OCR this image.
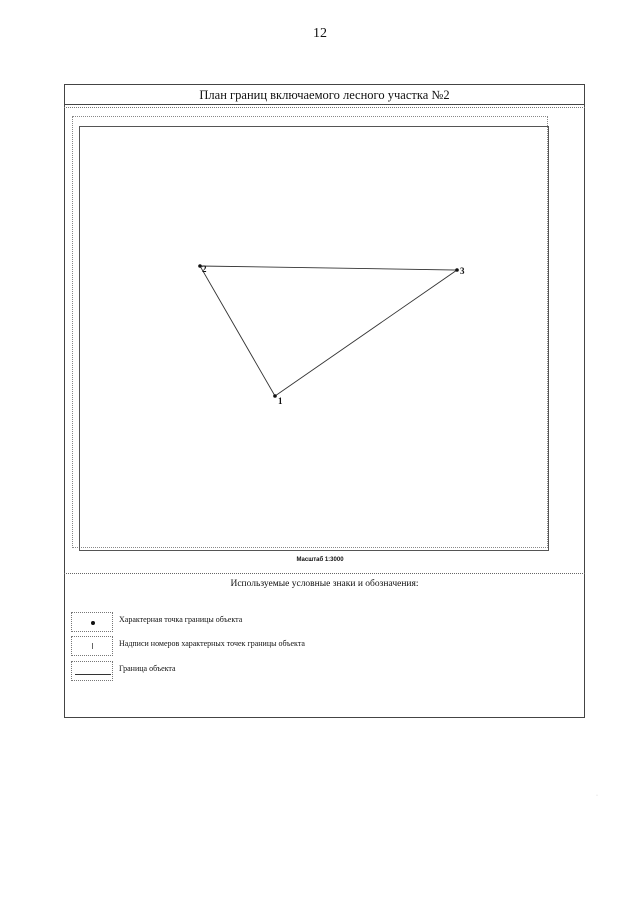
12
План границ включаемого лесного участка №2
1
2	3
Масштаб 1:3000
Используемые условные знаки и обозначения:
Характерная точка границы объекта
Надписи номеров характерных точек границы объекта
Граница объекта
·
